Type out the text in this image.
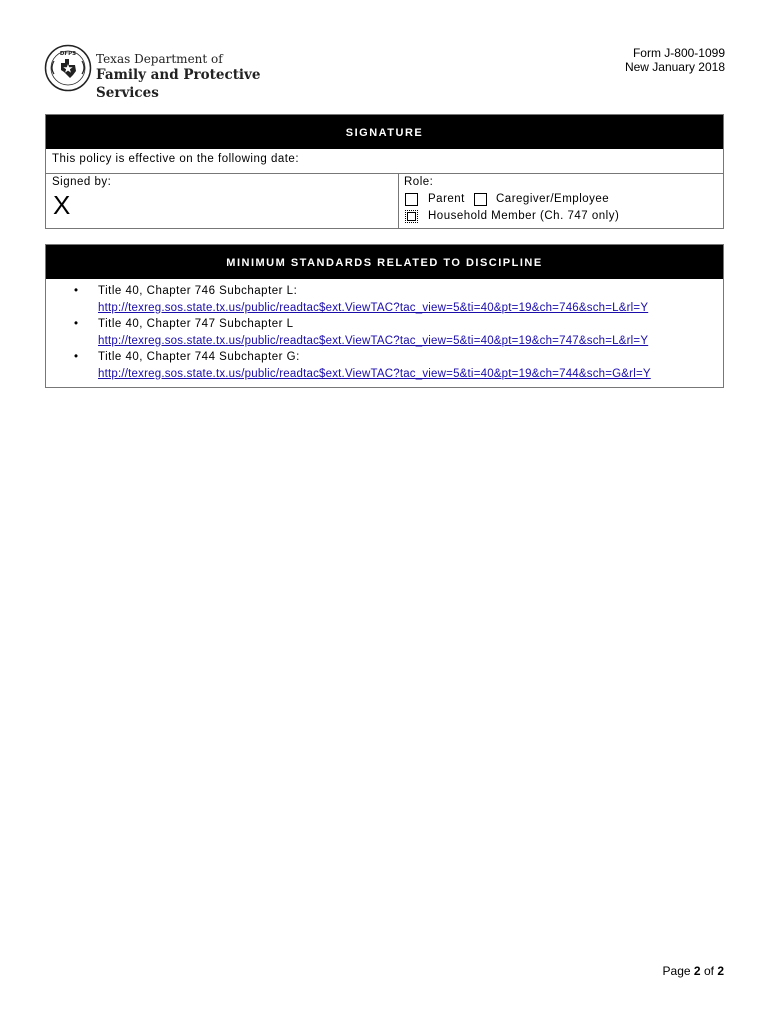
DFPS Texas Department of
Family and Protective Services
Form J-800-1099
New January 2018
SIGNATURE
This policy is effective on the following date:
Signed by:
X
Role:
Parent	Caregiver/Employee
Household Member (Ch. 747 only)
MINIMUM STANDARDS RELATED TO DISCIPLINE
• Title 40, Chapter 746 Subchapter L:
http://texreg.sos.state.tx.us/public/readtac$ext.ViewTAC?tac_view=5&ti=40&pt=19&ch=746&sch=L&rl=Y
• Title 40, Chapter 747 Subchapter L
http://texreg.sos.state.tx.us/public/readtac$ext.ViewTAC?tac_view=5&ti=40&pt=19&ch=747&sch=L&rl=Y
• Title 40, Chapter 744 Subchapter G:
http://texreg.sos.state.tx.us/public/readtac$ext.ViewTAC?tac_view=5&ti=40&pt=19&ch=744&sch=G&rl=Y
Page 2 of 2
